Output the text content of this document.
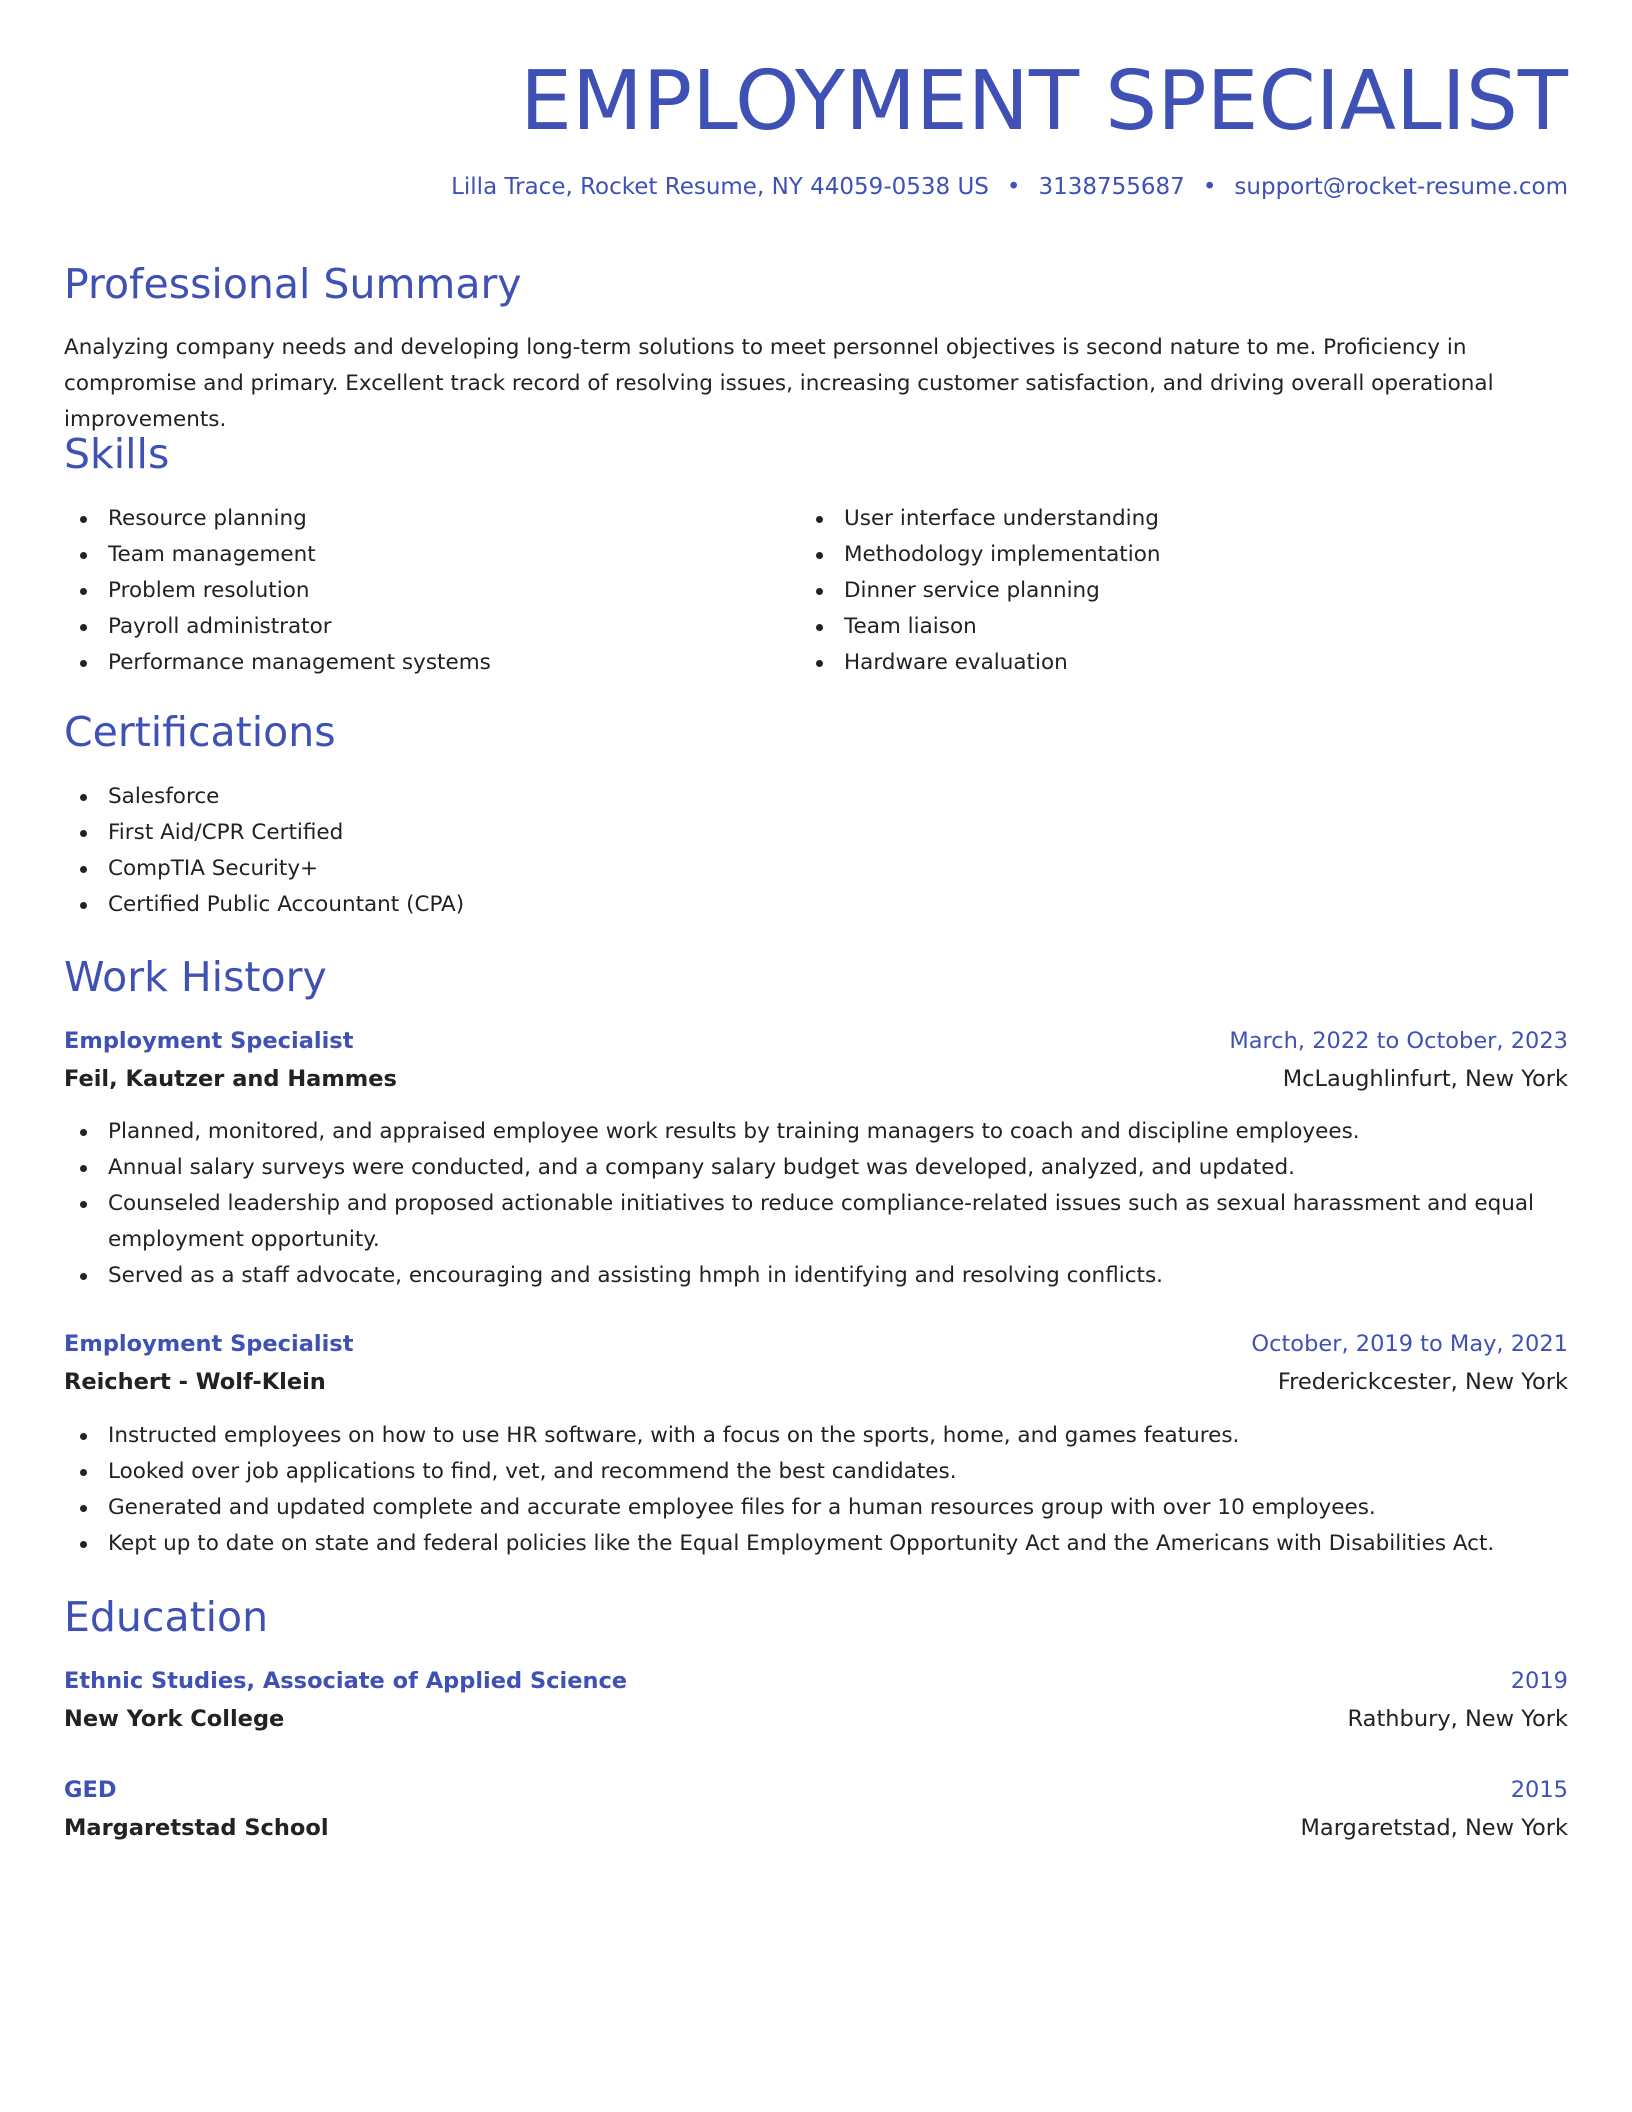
EMPLOYMENT SPECIALIST
Lilla Trace, Rocket Resume, NY 44059-0538 US • 3138755687 • support@rocket-resume.com
Professional Summary

Analyzing company needs and developing long-term solutions to meet personnel objectives is second nature to me. Proficiency in compromise and primary. Excellent track record of resolving issues, increasing customer satisfaction, and driving overall operational improvements.

Skills
Resource planning
Team management
Problem resolution
Payroll administrator
Performance management systems
User interface understanding
Methodology implementation
Dinner service planning
Team liaison
Hardware evaluation
Certifications
Salesforce
First Aid/CPR Certified
CompTIA Security+
Certified Public Accountant (CPA)
Work History
Employment Specialist	March, 2022 to October, 2023
Feil, Kautzer and Hammes	McLaughlinfurt, New York
Planned, monitored, and appraised employee work results by training managers to coach and discipline employees.
Annual salary surveys were conducted, and a company salary budget was developed, analyzed, and updated.
Counseled leadership and proposed actionable initiatives to reduce compliance-related issues such as sexual harassment and equal employment opportunity.
Served as a staff advocate, encouraging and assisting hmph in identifying and resolving conflicts.
Employment Specialist	October, 2019 to May, 2021
Reichert - Wolf-Klein	Frederickcester, New York
Instructed employees on how to use HR software, with a focus on the sports, home, and games features.
Looked over job applications to find, vet, and recommend the best candidates.
Generated and updated complete and accurate employee files for a human resources group with over 10 employees.
Kept up to date on state and federal policies like the Equal Employment Opportunity Act and the Americans with Disabilities Act.
Education
Ethnic Studies, Associate of Applied Science	2019
New York College	Rathbury, New York
GED	2015
Margaretstad School	Margaretstad, New York
